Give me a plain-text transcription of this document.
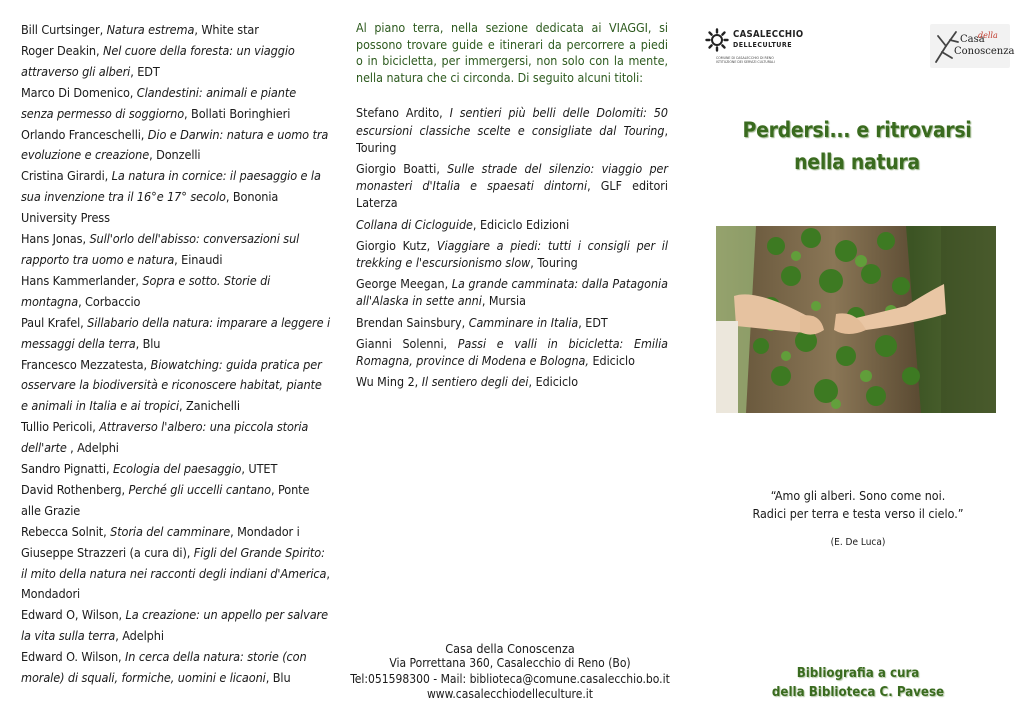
Bill Curtsinger, Natura estrema, White star

Roger Deakin, Nel cuore della foresta: un viaggio attraverso gli alberi, EDT

Marco Di Domenico, Clandestini: animali e piante senza permesso di soggiorno, Bollati Boringhieri

Orlando Franceschelli, Dio e Darwin: natura e uomo tra evoluzione e creazione, Donzelli

Cristina Girardi, La natura in cornice: il paesaggio e la sua invenzione tra il 16°e 17° secolo, Bononia University Press

Hans Jonas, Sull'orlo dell'abisso: conversazioni sul rapporto tra uomo e natura, Einaudi

Hans Kammerlander, Sopra e sotto. Storie di montagna, Corbaccio

Paul Krafel, Sillabario della natura: imparare a leggere i messaggi della terra, Blu

Francesco Mezzatesta, Biowatching: guida pratica per osservare la biodiversità e riconoscere habitat, piante e animali in Italia e ai tropici, Zanichelli

Tullio Pericoli, Attraverso l'albero: una piccola storia dell'arte , Adelphi

Sandro Pignatti, Ecologia del paesaggio, UTET

David Rothenberg, Perché gli uccelli cantano, Ponte alle Grazie

Rebecca Solnit, Storia del camminare, Mondador i

Giuseppe Strazzeri (a cura di), Figli del Grande Spirito: il mito della natura nei racconti degli indiani d'America, Mondadori

Edward O, Wilson, La creazione: un appello per salvare la vita sulla terra, Adelphi

Edward O. Wilson, In cerca della natura: storie (con morale) di squali, formiche, uomini e licaoni, Blu

Al piano terra, nella sezione dedicata ai VIAGGI, si possono trovare guide e itinerari da percorrere a piedi o in bicicletta, per immergersi, non solo con la mente, nella natura che ci circonda. Di seguito alcuni titoli:

Stefano Ardito, I sentieri più belli delle Dolomiti: 50 escursioni classiche scelte e consigliate dal Touring, Touring

Giorgio Boatti, Sulle strade del silenzio: viaggio per monasteri d'Italia e spaesati dintorni, GLF editori Laterza

Collana di Cicloguide, Ediciclo Edizioni

Giorgio Kutz, Viaggiare a piedi: tutti i consigli per il trekking e l'escursionismo slow, Touring

George Meegan, La grande camminata: dalla Patagonia all'Alaska in sette anni, Mursia

Brendan Sainsbury, Camminare in Italia, EDT

Gianni Solenni, Passi e valli in bicicletta: Emilia Romagna, province di Modena e Bologna, Ediciclo

Wu Ming 2, Il sentiero degli dei, Ediciclo

Casa della Conoscenza
Via Porrettana 360, Casalecchio di Reno (Bo)
Tel:051598300 - Mail: biblioteca@comune.casalecchio.bo.it
www.casalecchiodelleculture.it
CASALECCHIO
DELLECULTURE
COMUNE DI CASALECCHIO DI RENO
ISTITUZIONE DEI SERVIZI CULTURALI
Casa
della
Conoscenza
Perdersi... e ritrovarsi
nella natura
“Amo gli alberi. Sono come noi.
Radici per terra e testa verso il cielo.”
(E. De Luca)
Bibliografia a cura
della Biblioteca C. Pavese
